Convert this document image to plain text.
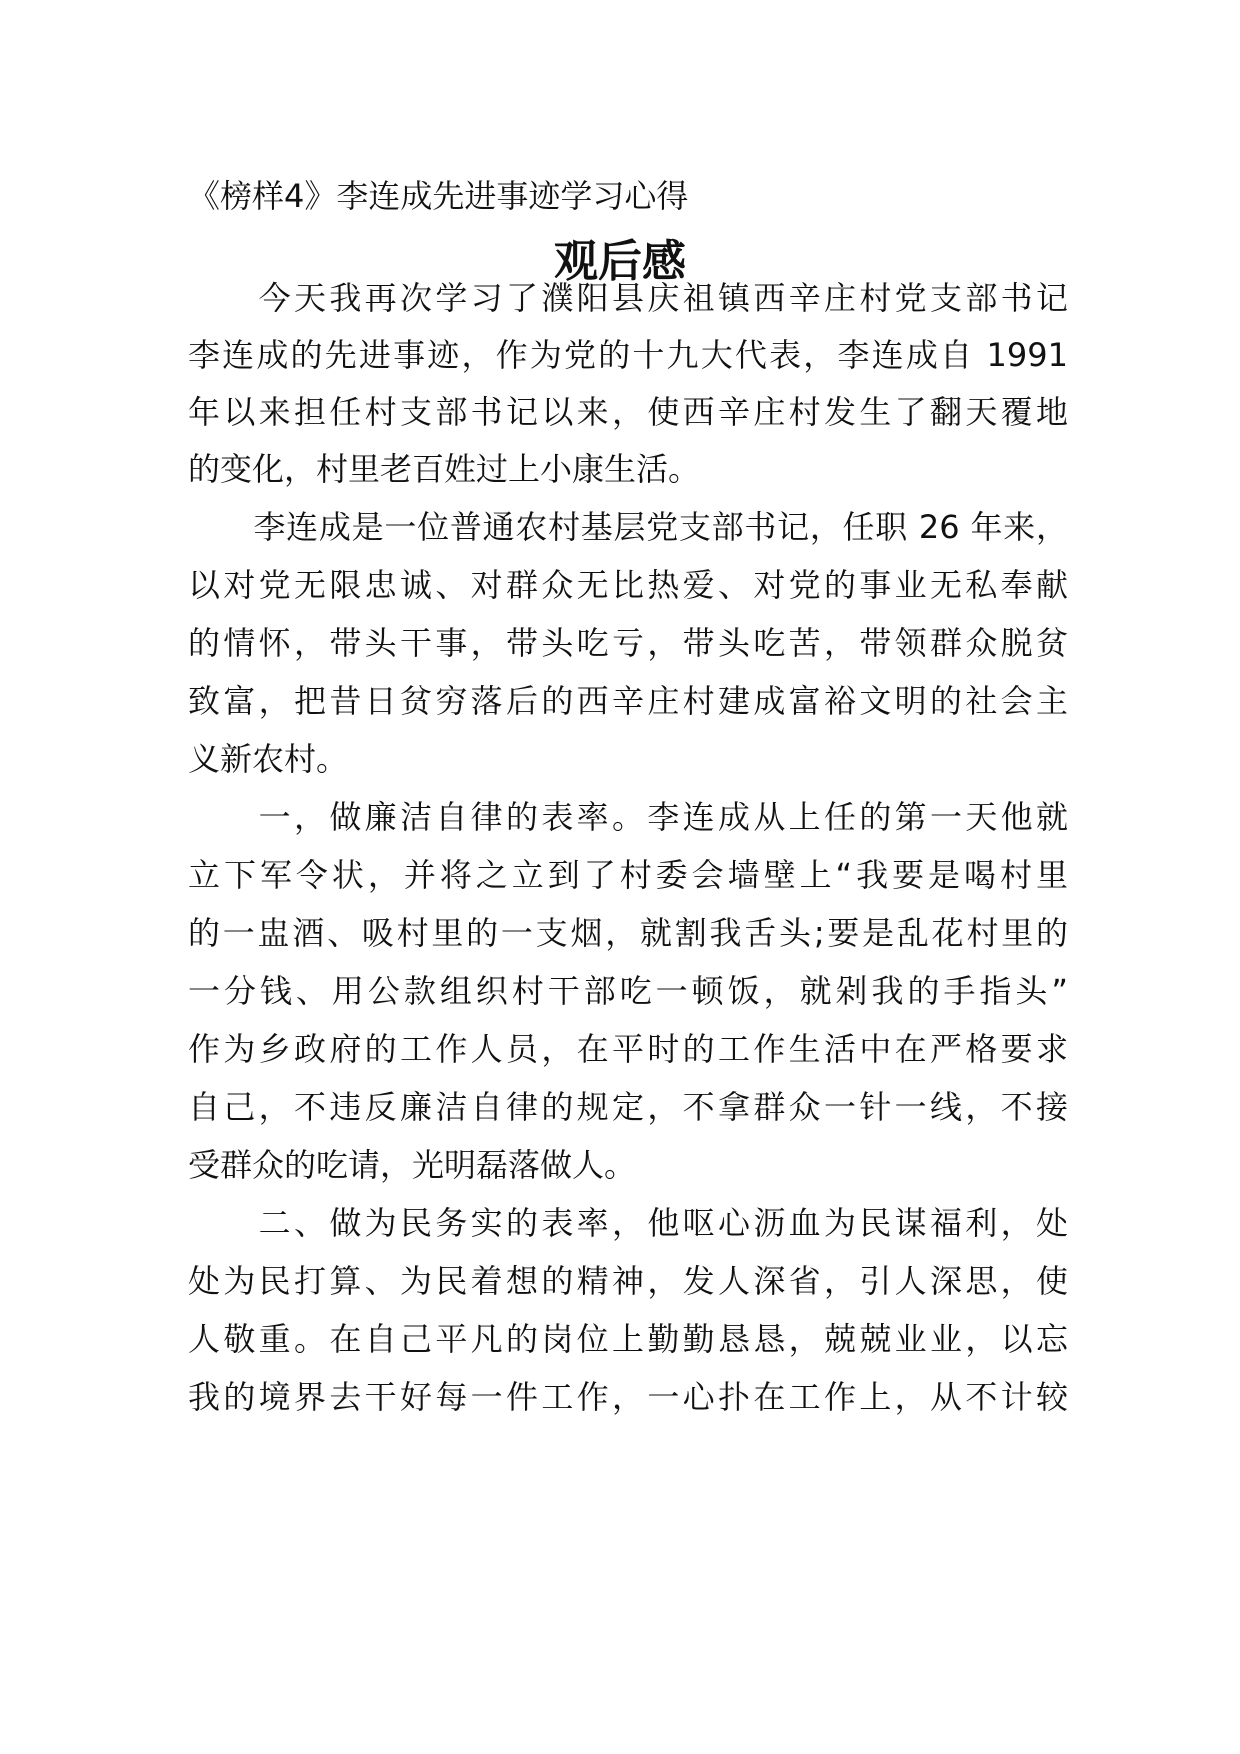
《榜样4》李连成先进事迹学习心得
观后感
　　今天我再次学习了濮阳县庆祖镇西辛庄村党支部书记
李连成的先进事迹，作为党的十九大代表，李连成自 1991
年以来担任村支部书记以来，使西辛庄村发生了翻天覆地
的变化，村里老百姓过上小康生活。
　　李连成是一位普通农村基层党支部书记，任职 26 年来，
以对党无限忠诚、对群众无比热爱、对党的事业无私奉献
的情怀，带头干事，带头吃亏，带头吃苦，带领群众脱贫
致富，把昔日贫穷落后的西辛庄村建成富裕文明的社会主
义新农村。
　　一，做廉洁自律的表率。李连成从上任的第一天他就
立下军令状，并将之立到了村委会墙壁上“我要是喝村里
的一盅酒、吸村里的一支烟，就割我舌头;要是乱花村里的
一分钱、用公款组织村干部吃一顿饭，就剁我的手指头”
作为乡政府的工作人员，在平时的工作生活中在严格要求
自己，不违反廉洁自律的规定，不拿群众一针一线，不接
受群众的吃请，光明磊落做人。
　　二、做为民务实的表率，他呕心沥血为民谋福利，处
处为民打算、为民着想的精神，发人深省，引人深思，使
人敬重。在自己平凡的岗位上勤勤恳恳，兢兢业业，以忘
我的境界去干好每一件工作，一心扑在工作上，从不计较
